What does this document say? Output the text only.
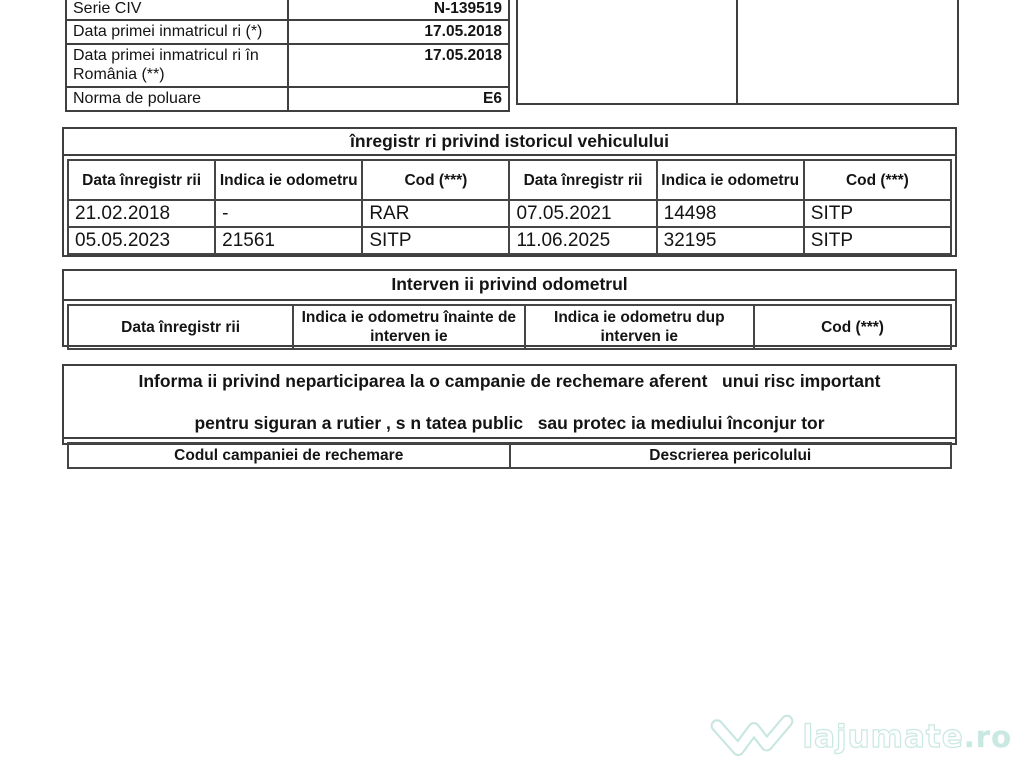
Serie CIV	N-139519
Data primei inmatricul ri (*)	17.05.2018
Data primei inmatricul ri în România (**)	17.05.2018
Norma de poluare	E6

înregistr ri privind istoricul vehiculului
Data înregistr rii	Indica ie odometru	Cod (***)	Data înregistr rii	Indica ie odometru	Cod (***)
21.02.2018	-	RAR	07.05.2021	14498	SITP
05.05.2023	21561	SITP	11.06.2025	32195	SITP
Interven ii privind odometrul
Data înregistr rii	Indica ie odometru înainte de interven ie	Indica ie odometru dup interven ie	Cod (***)
Informa ii privind neparticiparea la o campanie de rechemare aferent   unui risc important

pentru siguran a rutier , s n tatea public   sau protec ia mediului înconjur tor
Codul campaniei de rechemare	Descrierea pericolului
lajumate.ro
